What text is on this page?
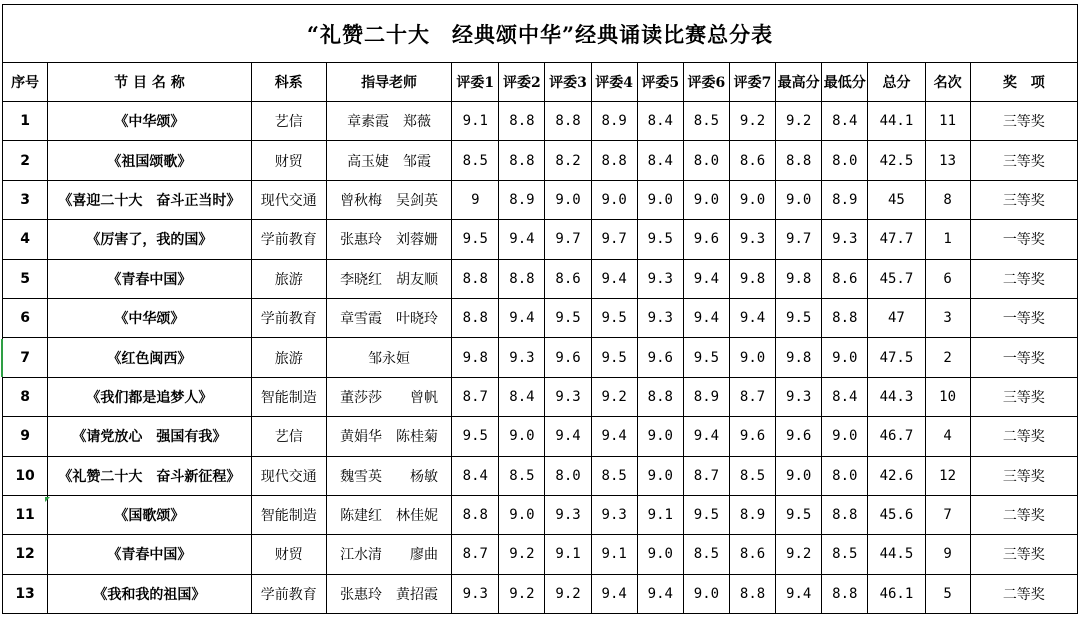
“礼赞二十大　经典颂中华”经典诵读比赛总分表
序号	节 目 名 称	科系	指导老师	评委1	评委2	评委3	评委4	评委5	评委6	评委7	最高分	最低分	总分	名次	奖　项
1	《中华颂》	艺信	章素霞　郑薇	9.1	8.8	8.8	8.9	8.4	8.5	9.2	9.2	8.4	44.1	11	三等奖
2	《祖国颂歌》	财贸	高玉婕　邹霞	8.5	8.8	8.2	8.8	8.4	8.0	8.6	8.8	8.0	42.5	13	三等奖
3	《喜迎二十大　奋斗正当时》	现代交通	曾秋梅　吴剑英	9	8.9	9.0	9.0	9.0	9.0	9.0	9.0	8.9	45	8	三等奖
4	《厉害了，我的国》	学前教育	张惠玲　刘蓉姗	9.5	9.4	9.7	9.7	9.5	9.6	9.3	9.7	9.3	47.7	1	一等奖
5	《青春中国》	旅游	李晓红　胡友顺	8.8	8.8	8.6	9.4	9.3	9.4	9.8	9.8	8.6	45.7	6	二等奖
6	《中华颂》	学前教育	章雪霞　叶晓玲	8.8	9.4	9.5	9.5	9.3	9.4	9.4	9.5	8.8	47	3	一等奖
7	《红色闽西》	旅游	邹永姮	9.8	9.3	9.6	9.5	9.6	9.5	9.0	9.8	9.0	47.5	2	一等奖
8	《我们都是追梦人》	智能制造	董莎莎　　曾帆	8.7	8.4	9.3	9.2	8.8	8.9	8.7	9.3	8.4	44.3	10	三等奖
9	《请党放心　强国有我》	艺信	黄娟华　陈桂菊	9.5	9.0	9.4	9.4	9.0	9.4	9.6	9.6	9.0	46.7	4	二等奖
10	《礼赞二十大　奋斗新征程》	现代交通	魏雪英　　杨敏	8.4	8.5	8.0	8.5	9.0	8.7	8.5	9.0	8.0	42.6	12	三等奖
11	《国歌颂》	智能制造	陈建红　林佳妮	8.8	9.0	9.3	9.3	9.1	9.5	8.9	9.5	8.8	45.6	7	二等奖
12	《青春中国》	财贸	江水清　　廖曲	8.7	9.2	9.1	9.1	9.0	8.5	8.6	9.2	8.5	44.5	9	三等奖
13	《我和我的祖国》	学前教育	张惠玲　黄招霞	9.3	9.2	9.2	9.4	9.4	9.0	8.8	9.4	8.8	46.1	5	二等奖
